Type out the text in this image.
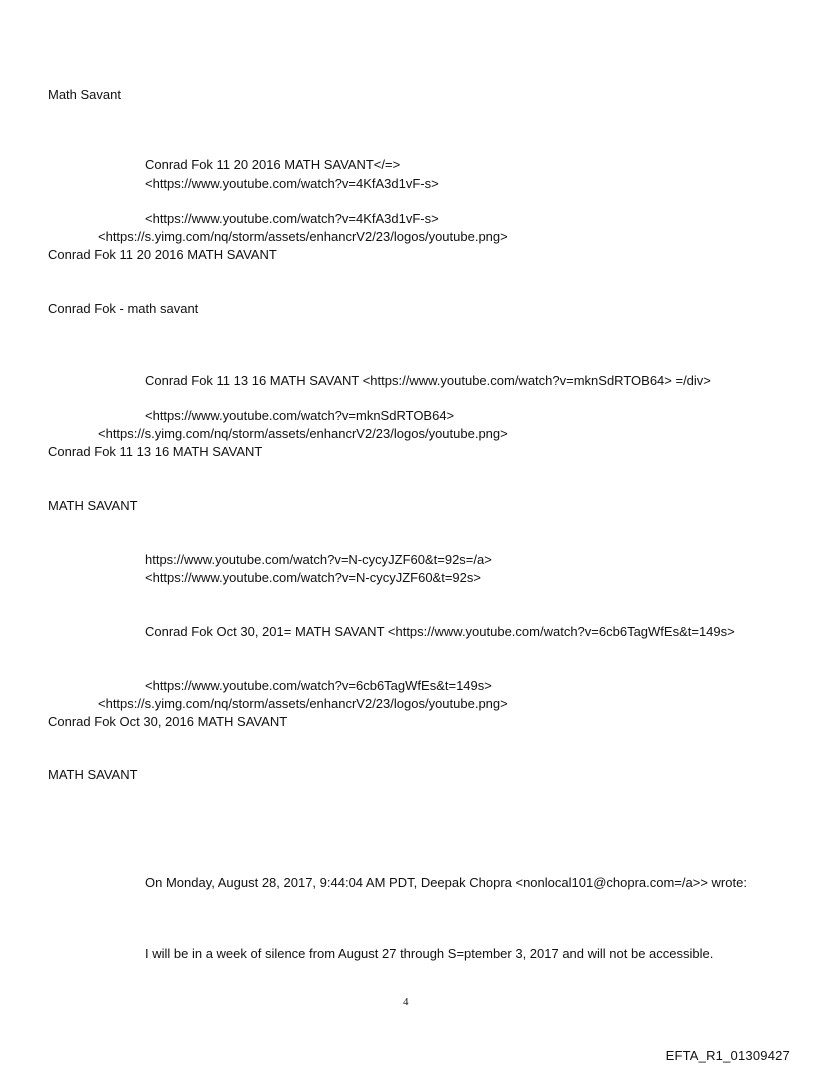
Math Savant
Conrad Fok 11 20 2016 MATH SAVANT</=>
<https://www.youtube.com/watch?v=4KfA3d1vF-s>
<https://www.youtube.com/watch?v=4KfA3d1vF-s>
<https://s.yimg.com/nq/storm/assets/enhancrV2/23/logos/youtube.png>
Conrad Fok 11 20 2016 MATH SAVANT
Conrad Fok - math savant
Conrad Fok 11 13 16 MATH SAVANT <https://www.youtube.com/watch?v=mknSdRTOB64> =/div>
<https://www.youtube.com/watch?v=mknSdRTOB64>
<https://s.yimg.com/nq/storm/assets/enhancrV2/23/logos/youtube.png>
Conrad Fok 11 13 16 MATH SAVANT
MATH SAVANT
https://www.youtube.com/watch?v=N-cycyJZF60&t=92s=/a>
<https://www.youtube.com/watch?v=N-cycyJZF60&t=92s>
Conrad Fok Oct 30, 201= MATH SAVANT <https://www.youtube.com/watch?v=6cb6TagWfEs&t=149s>
<https://www.youtube.com/watch?v=6cb6TagWfEs&t=149s>
<https://s.yimg.com/nq/storm/assets/enhancrV2/23/logos/youtube.png>
Conrad Fok Oct 30, 2016 MATH SAVANT
MATH SAVANT
On Monday, August 28, 2017, 9:44:04 AM PDT, Deepak Chopra <nonlocal101@chopra.com=/a>> wrote:
I will be in a week of silence from August 27 through S=ptember 3, 2017 and will not be accessible.
4
EFTA_R1_01309427
